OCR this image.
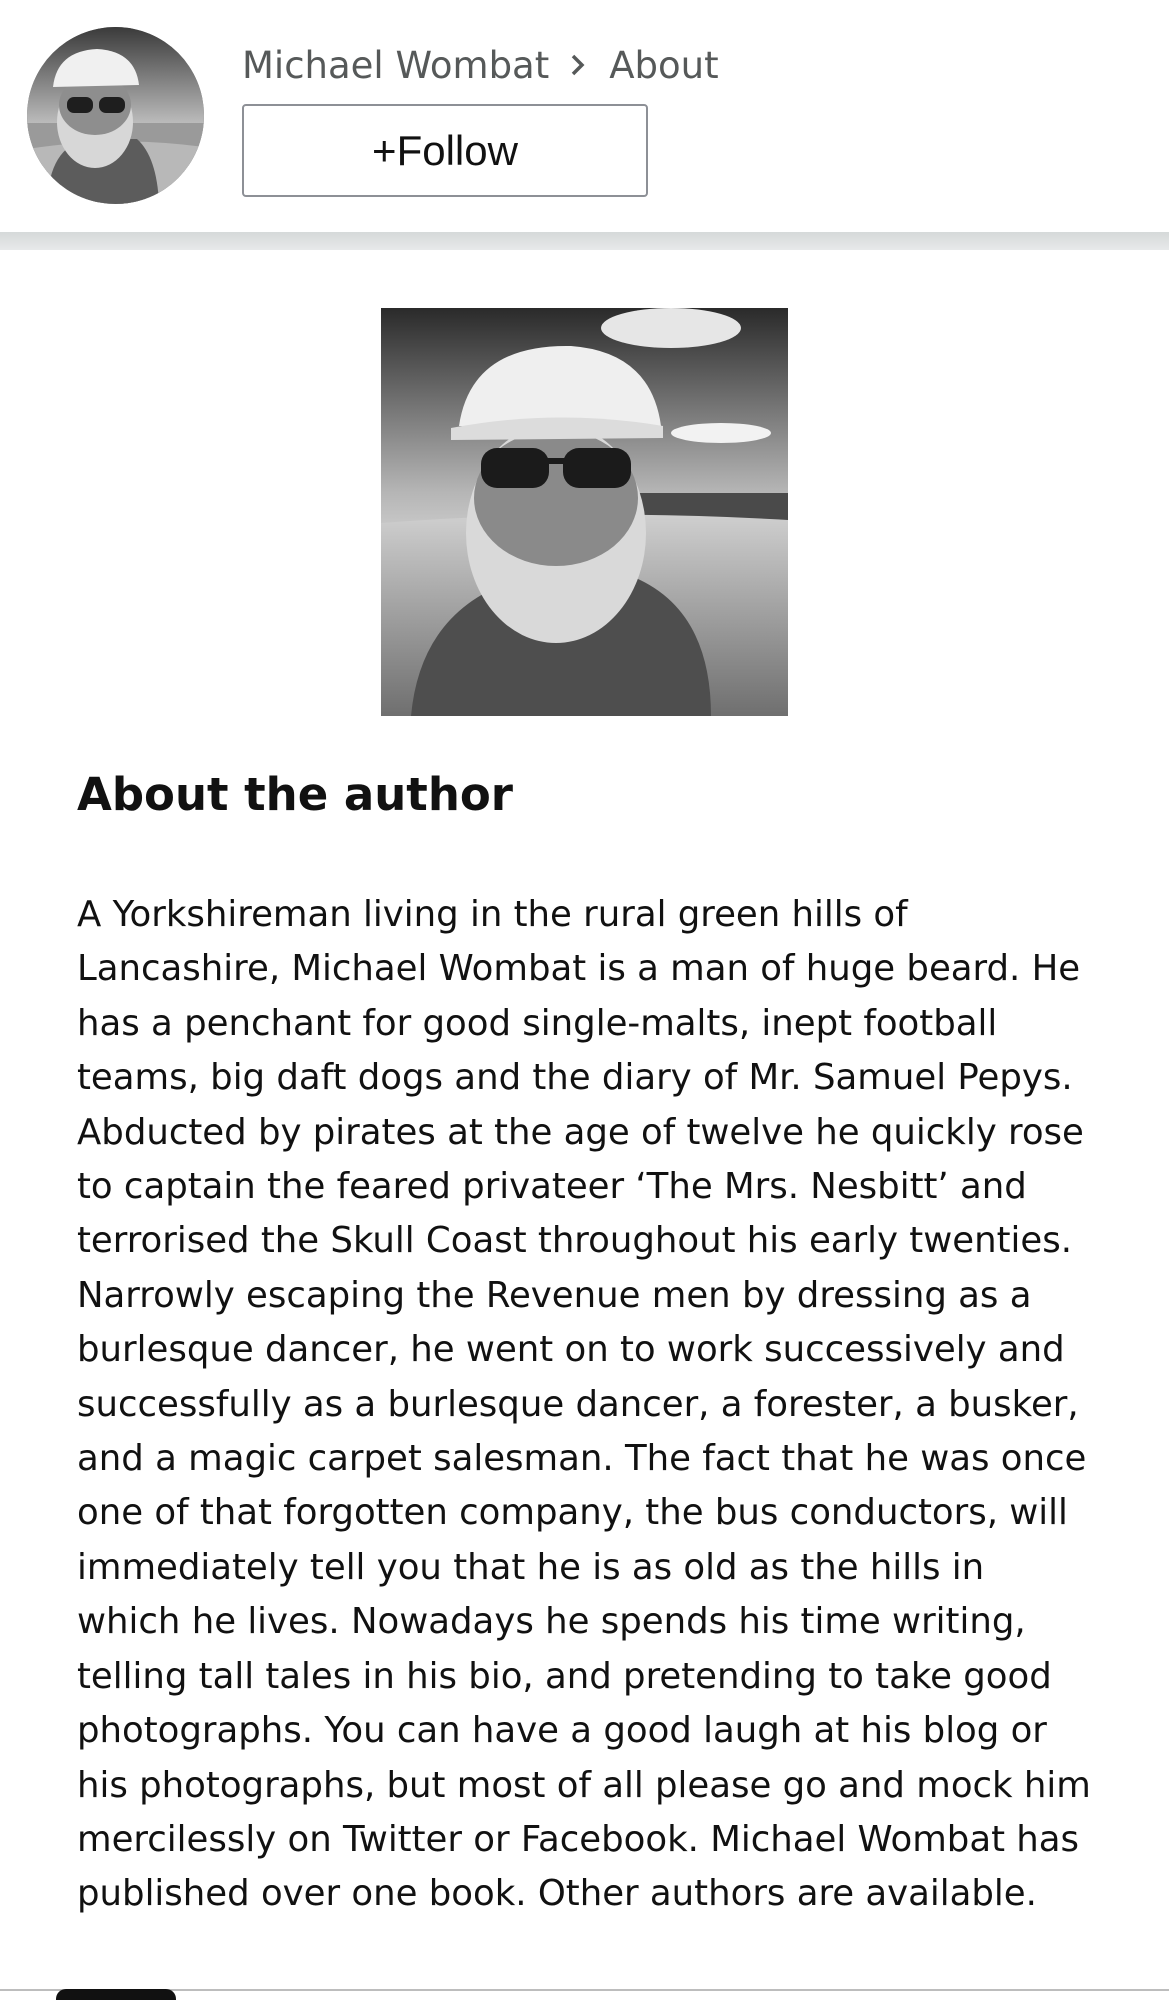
Michael Wombat About
+Follow
About the author

A Yorkshireman living in the rural green hills of Lancashire, Michael Wombat is a man of huge beard. He has a penchant for good single-malts, inept football teams, big daft dogs and the diary of Mr. Samuel Pepys. Abducted by pirates at the age of twelve he quickly rose to captain the feared privateer ‘The Mrs. Nesbitt’ and terrorised the Skull Coast throughout his early twenties. Narrowly escaping the Revenue men by dressing as a burlesque dancer, he went on to work successively and successfully as a burlesque dancer, a forester, a busker, and a magic carpet salesman. The fact that he was once one of that forgotten company, the bus conductors, will immediately tell you that he is as old as the hills in which he lives. Nowadays he spends his time writing, telling tall tales in his bio, and pretending to take good photographs. You can have a good laugh at his blog or his photographs, but most of all please go and mock him mercilessly on Twitter or Facebook. Michael Wombat has published over one book. Other authors are available.
